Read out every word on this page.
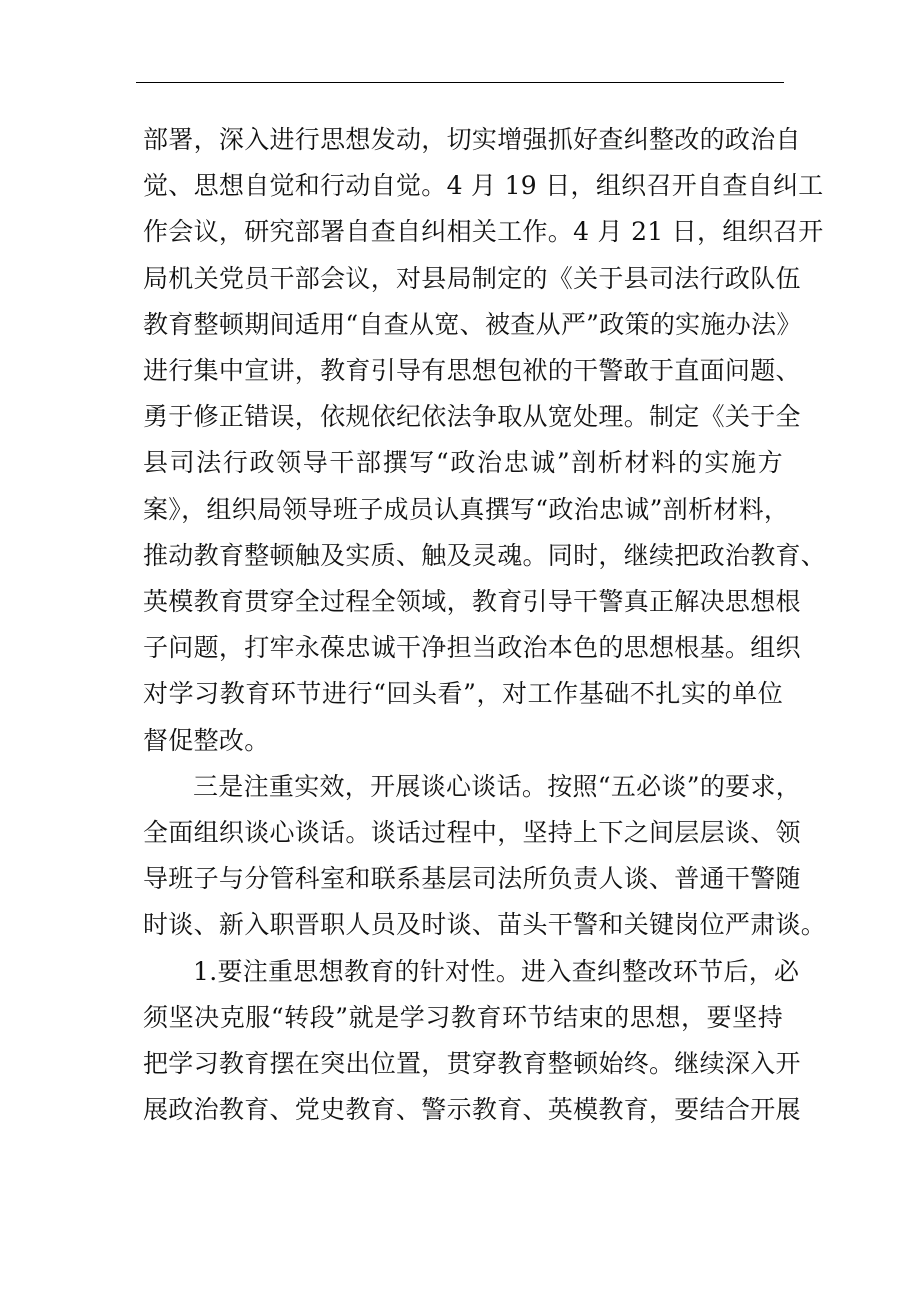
部署，深入进行思想发动，切实增强抓好查纠整改的政治自
觉、思想自觉和行动自觉。4 月 19 日，组织召开自查自纠工
作会议，研究部署自查自纠相关工作。4 月 21 日，组织召开
局机关党员干部会议，对县局制定的《关于县司法行政队伍
教育整顿期间适用“自查从宽、被查从严”政策的实施办法》
进行集中宣讲，教育引导有思想包袱的干警敢于直面问题、
勇于修正错误，依规依纪依法争取从宽处理。制定《关于全
县司法行政领导干部撰写“政治忠诚”剖析材料的实施方
案》，组织局领导班子成员认真撰写“政治忠诚”剖析材料，
推动教育整顿触及实质、触及灵魂。同时，继续把政治教育、
英模教育贯穿全过程全领域，教育引导干警真正解决思想根
子问题，打牢永葆忠诚干净担当政治本色的思想根基。组织
对学习教育环节进行“回头看”，对工作基础不扎实的单位
督促整改。

三是注重实效，开展谈心谈话。按照“五必谈”的要求，
全面组织谈心谈话。谈话过程中，坚持上下之间层层谈、领
导班子与分管科室和联系基层司法所负责人谈、普通干警随
时谈、新入职晋职人员及时谈、苗头干警和关键岗位严肃谈。

1.要注重思想教育的针对性。进入查纠整改环节后，必
须坚决克服“转段”就是学习教育环节结束的思想，要坚持
把学习教育摆在突出位置，贯穿教育整顿始终。继续深入开
展政治教育、党史教育、警示教育、英模教育，要结合开展
